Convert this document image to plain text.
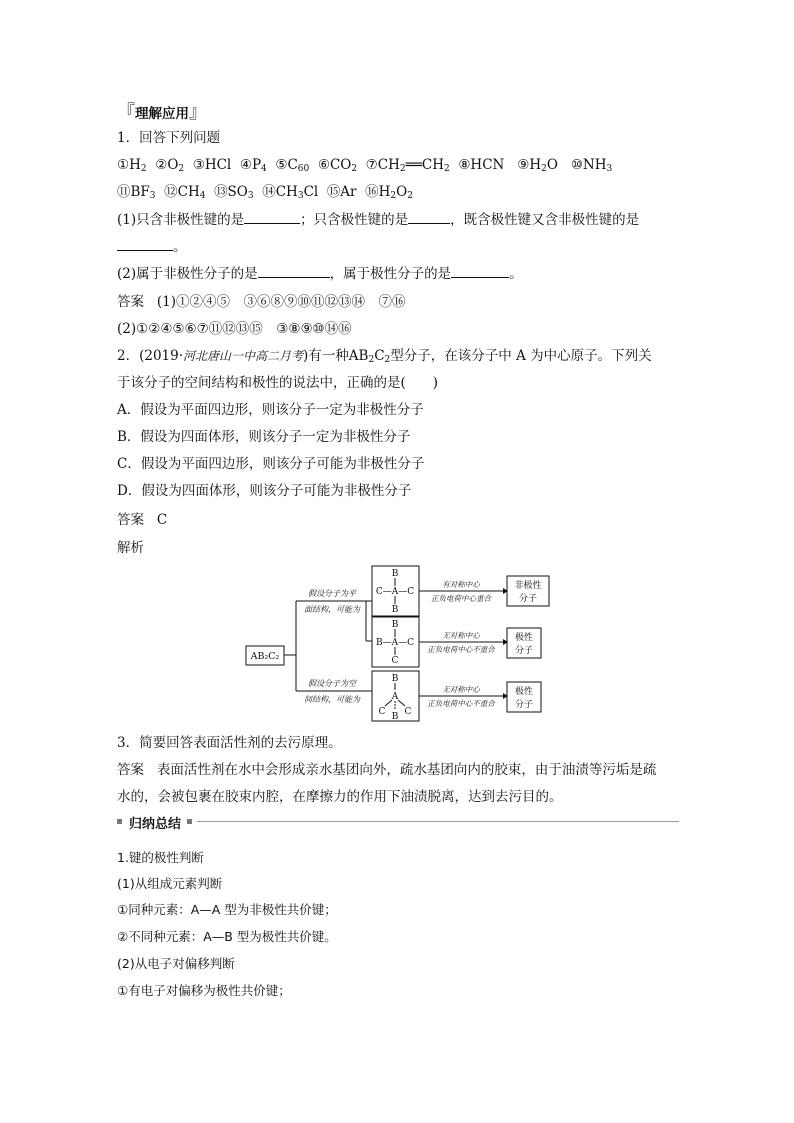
『理解应用』
1．回答下列问题
$①H_2$ $②O_2$ ③HCl $④P_4$ $⑤C_{60}$ $⑥CO_2$ $⑦CH_2══CH_2$ ⑧HCN $⑨H_2O$ $⑩NH_3$
$⑪BF_3$ $⑫CH_4$ $⑬SO_3$ $⑭CH_3Cl$ ⑮Ar $⑯H_2O_2$
(1)只含非极性键的是	；只含极性键的是	，既含极性键又含非极性键的是
。
(2)属于非极性分子的是	，属于极性分子的是	。
答案 (1)①②④⑤　③⑥⑧⑨⑩⑪⑫⑬⑭　⑦⑯
(2)①②④⑤⑥⑦⑪⑫⑬⑮　③⑧⑨⑩⑭⑯
2．(2019·河北唐山一中高二月考)有一种$AB_2C_2$型分子，在该分子中 A 为中心原子。下列关
于该分子的空间结构和极性的说法中，正确的是(　　)
A．假设为平面四边形，则该分子一定为非极性分子
B．假设为四面体形，则该分子一定为非极性分子
C．假设为平面四边形，则该分子可能为非极性分子
D．假设为四面体形，则该分子可能为非极性分子
答案 C
解析
AB₂C₂
假设分子为平
面结构，可能为
假设分子为空
间结构，可能为
B
C—A—C
B
B
B—A—C
C
B
A
C C
B
有对称中心
正负电荷中心重合
无对称中心
正负电荷中心不重合
无对称中心
正负电荷中心不重合
非极性
分子
极性
分子
极性
分子
3．简要回答表面活性剂的去污原理。
答案 表面活性剂在水中会形成亲水基团向外，疏水基团向内的胶束，由于油渍等污垢是疏
水的，会被包裹在胶束内腔，在摩擦力的作用下油渍脱离，达到去污目的。
归纳总结
1.键的极性判断
(1)从组成元素判断
①同种元素：A—A 型为非极性共价键；
②不同种元素：A—B 型为极性共价键。
(2)从电子对偏移判断
①有电子对偏移为极性共价键；
